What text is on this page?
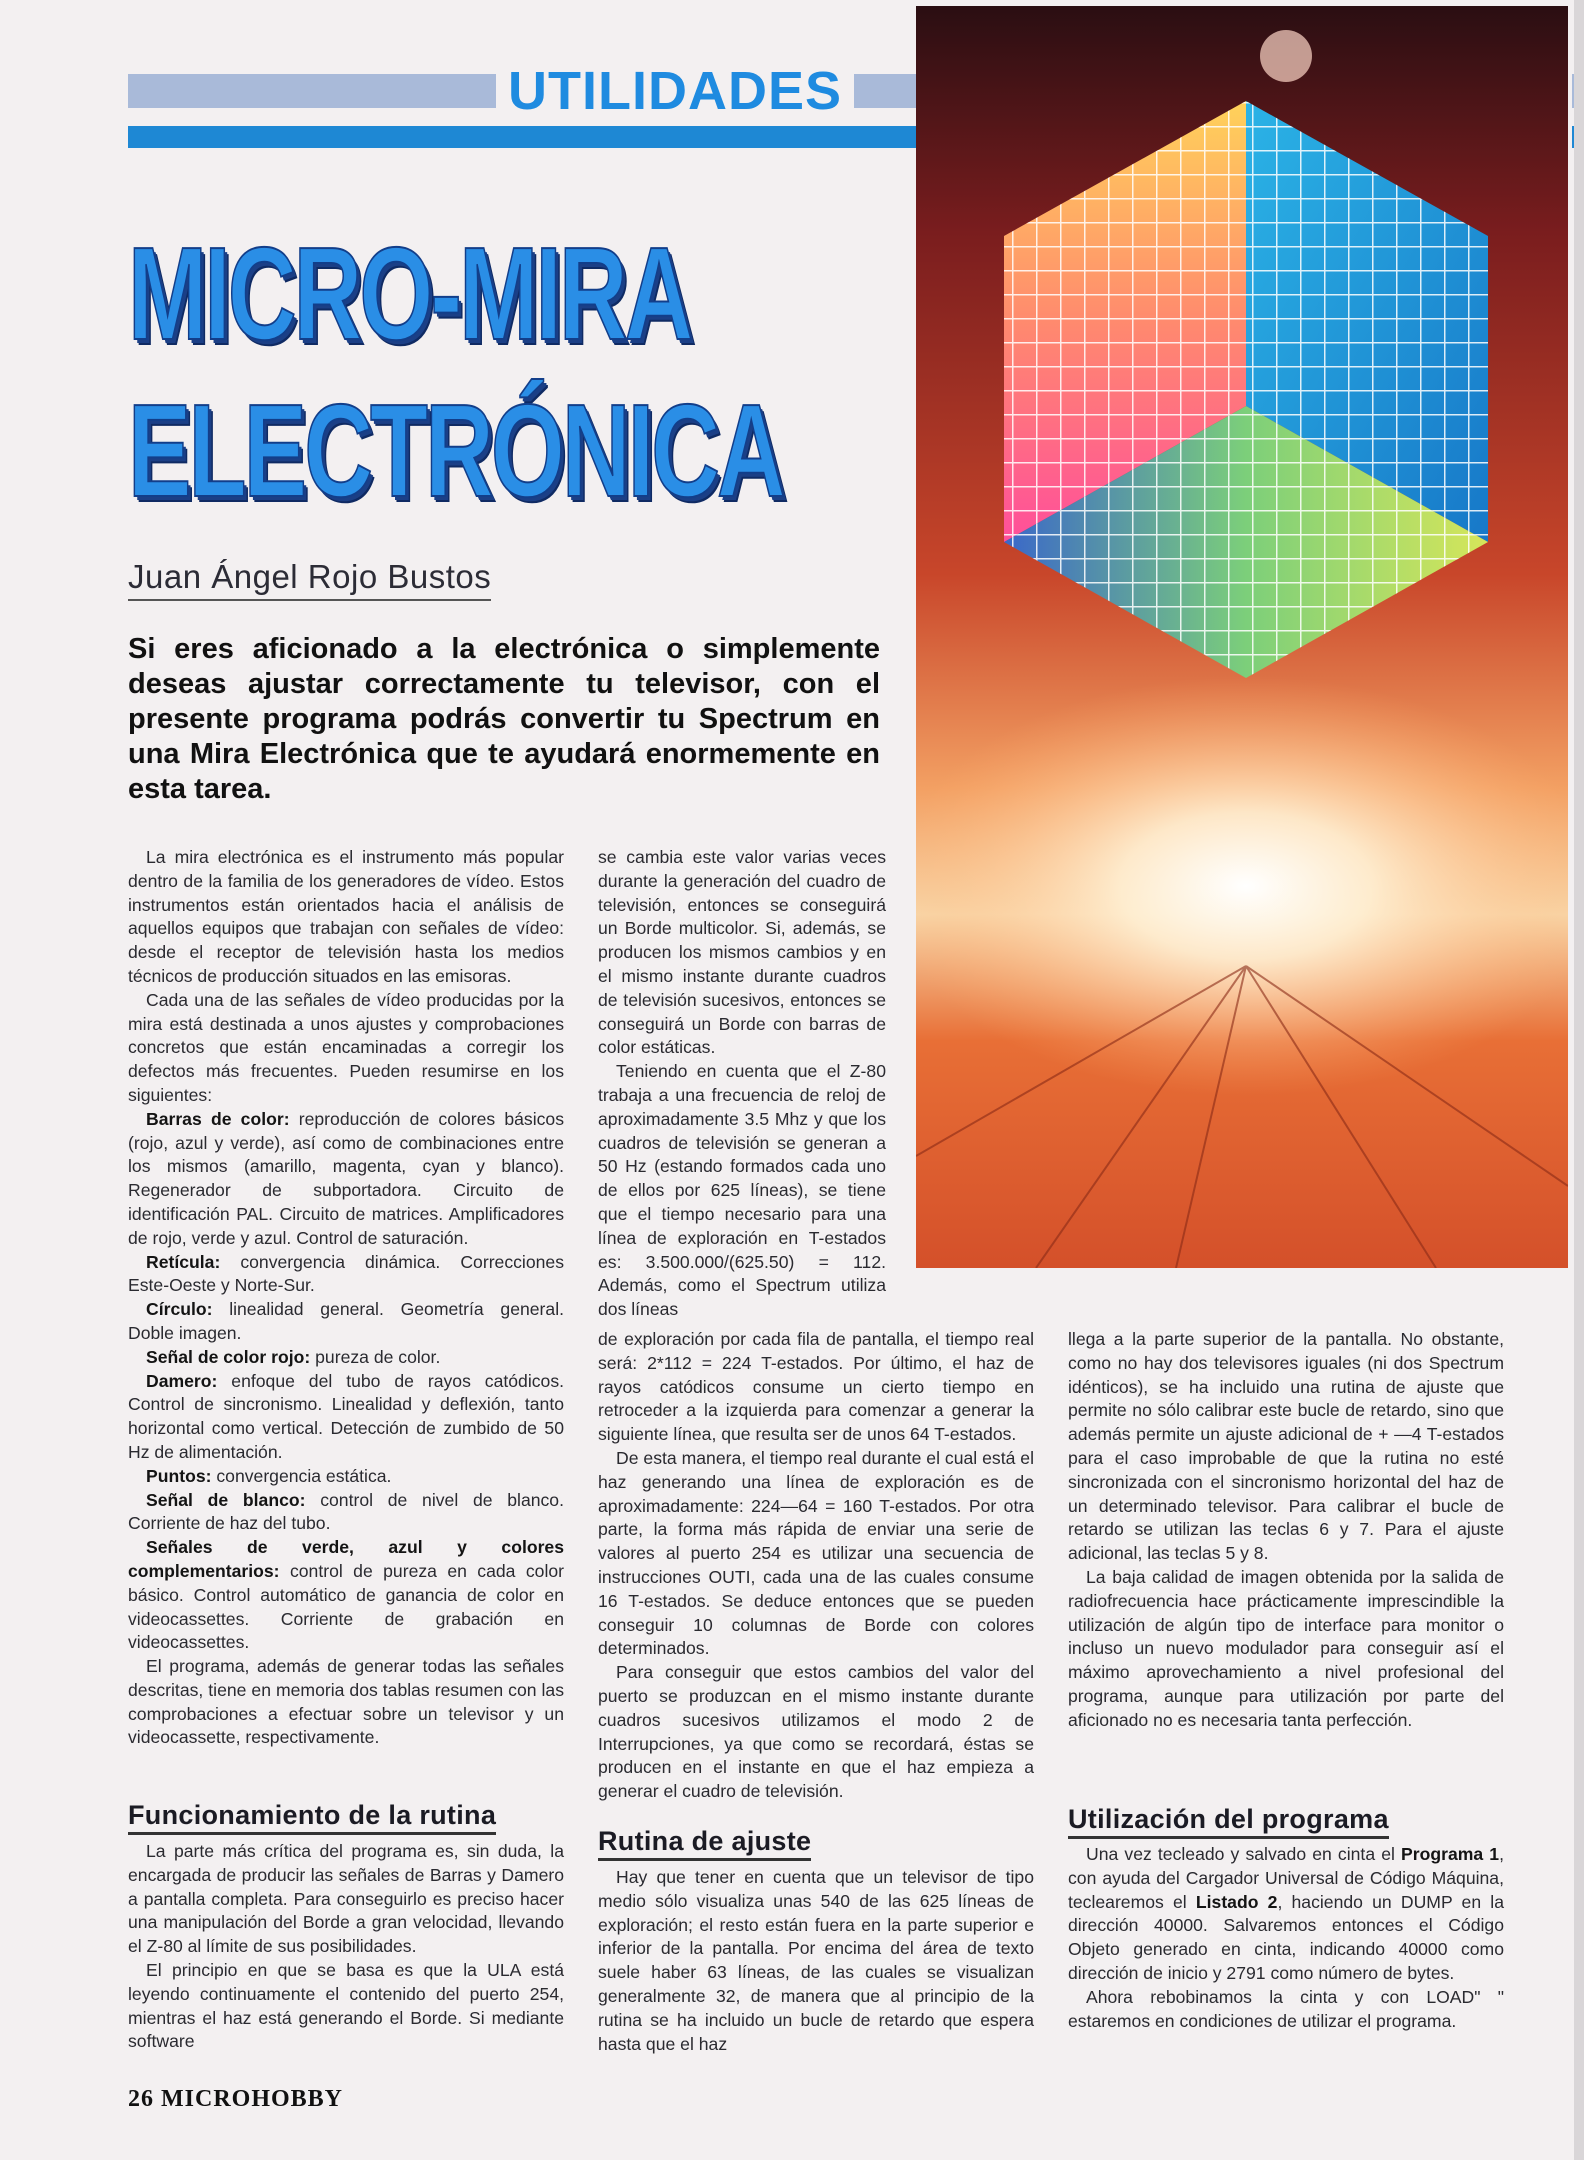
UTILIDADES
MICRO-MIRA
ELECTRÓNICA
Juan Ángel Rojo Bustos
Si eres aficionado a la electrónica o simplemente deseas ajustar correctamente tu televisor, con el presente programa podrás convertir tu Spectrum en una Mira Electrónica que te ayudará enormemente en esta tarea.

La mira electrónica es el instrumento más popular dentro de la familia de los generadores de vídeo. Estos instrumentos están orientados hacia el análisis de aquellos equipos que trabajan con señales de vídeo: desde el receptor de televisión hasta los medios técnicos de producción situados en las emisoras.

Cada una de las señales de vídeo producidas por la mira está destinada a unos ajustes y comprobaciones concretos que están encaminadas a corregir los defectos más frecuentes. Pueden resumirse en los siguientes:

Barras de color: reproducción de colores básicos (rojo, azul y verde), así como de combinaciones entre los mismos (amarillo, magenta, cyan y blanco). Regenerador de subportadora. Circuito de identificación PAL. Circuito de matrices. Amplificadores de rojo, verde y azul. Control de saturación.

Retícula: convergencia dinámica. Correcciones Este-Oeste y Norte-Sur.

Círculo: linealidad general. Geometría general. Doble imagen.

Señal de color rojo: pureza de color.

Damero: enfoque del tubo de rayos catódicos. Control de sincronismo. Linealidad y deflexión, tanto horizontal como vertical. Detección de zumbido de 50 Hz de alimentación.

Puntos: convergencia estática.

Señal de blanco: control de nivel de blanco. Corriente de haz del tubo.

Señales de verde, azul y colores complementarios: control de pureza en cada color básico. Control automático de ganancia de color en videocassettes. Corriente de grabación en videocassettes.

El programa, además de generar todas las señales descritas, tiene en memoria dos tablas resumen con las comprobaciones a efectuar sobre un televisor y un videocassette, respectivamente.

se cambia este valor varias veces durante la generación del cuadro de televisión, entonces se conseguirá un Borde multicolor. Si, además, se producen los mismos cambios y en el mismo instante durante cuadros de televisión sucesivos, entonces se conseguirá un Borde con barras de color estáticas.

Teniendo en cuenta que el Z-80 trabaja a una frecuencia de reloj de aproximadamente 3.5 Mhz y que los cuadros de televisión se generan a 50 Hz (estando formados cada uno de ellos por 625 líneas), se tiene que el tiempo necesario para una línea de exploración en T-estados es: 3.500.000/(625.50) = 112. Además, como el Spectrum utiliza dos líneas

de exploración por cada fila de pantalla, el tiempo real será: 2*112 = 224 T-estados. Por último, el haz de rayos catódicos consume un cierto tiempo en retroceder a la izquierda para comenzar a generar la siguiente línea, que resulta ser de unos 64 T-estados.

De esta manera, el tiempo real durante el cual está el haz generando una línea de exploración es de aproximadamente: 224—64 = 160 T-estados. Por otra parte, la forma más rápida de enviar una serie de valores al puerto 254 es utilizar una secuencia de instrucciones OUTI, cada una de las cuales consume 16 T-estados. Se deduce entonces que se pueden conseguir 10 columnas de Borde con colores determinados.

Para conseguir que estos cambios del valor del puerto se produzcan en el mismo instante durante cuadros sucesivos utilizamos el modo 2 de Interrupciones, ya que como se recordará, éstas se producen en el instante en que el haz empieza a generar el cuadro de televisión.

llega a la parte superior de la pantalla. No obstante, como no hay dos televisores iguales (ni dos Spectrum idénticos), se ha incluido una rutina de ajuste que permite no sólo calibrar este bucle de retardo, sino que además permite un ajuste adicional de + —4 T-estados para el caso improbable de que la rutina no esté sincronizada con el sincronismo horizontal del haz de un determinado televisor. Para calibrar el bucle de retardo se utilizan las teclas 6 y 7. Para el ajuste adicional, las teclas 5 y 8.

La baja calidad de imagen obtenida por la salida de radiofrecuencia hace prácticamente imprescindible la utilización de algún tipo de interface para monitor o incluso un nuevo modulador para conseguir así el máximo aprovechamiento a nivel profesional del programa, aunque para utilización por parte del aficionado no es necesaria tanta perfección.

Funcionamiento de la rutina
Rutina de ajuste
Utilización del programa

La parte más crítica del programa es, sin duda, la encargada de producir las señales de Barras y Damero a pantalla completa. Para conseguirlo es preciso hacer una manipulación del Borde a gran velocidad, llevando el Z-80 al límite de sus posibilidades.

El principio en que se basa es que la ULA está leyendo continuamente el contenido del puerto 254, mientras el haz está generando el Borde. Si mediante software

Hay que tener en cuenta que un televisor de tipo medio sólo visualiza unas 540 de las 625 líneas de exploración; el resto están fuera en la parte superior e inferior de la pantalla. Por encima del área de texto suele haber 63 líneas, de las cuales se visualizan generalmente 32, de manera que al principio de la rutina se ha incluido un bucle de retardo que espera hasta que el haz

Una vez tecleado y salvado en cinta el Programa 1, con ayuda del Cargador Universal de Código Máquina, teclearemos el Listado 2, haciendo un DUMP en la dirección 40000. Salvaremos entonces el Código Objeto generado en cinta, indicando 40000 como dirección de inicio y 2791 como número de bytes.

Ahora rebobinamos la cinta y con LOAD" " estaremos en condiciones de utilizar el programa.

26 MICROHOBBY
